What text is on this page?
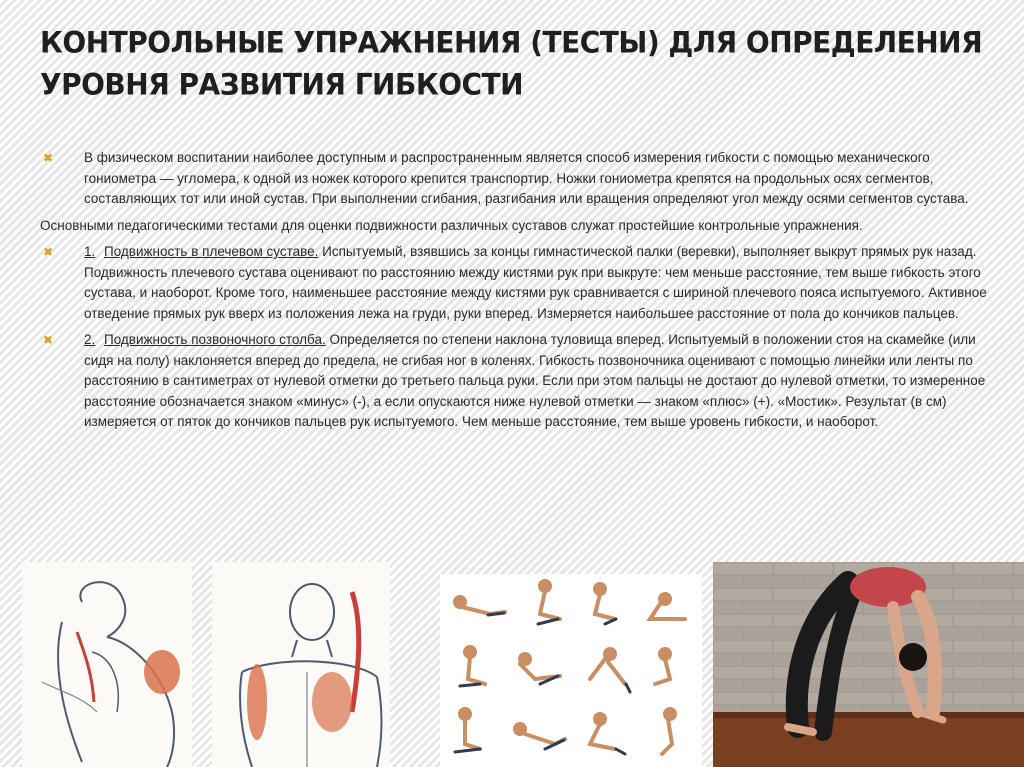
КОНТРОЛЬНЫЕ УПРАЖНЕНИЯ (ТЕСТЫ) ДЛЯ ОПРЕДЕЛЕНИЯ УРОВНЯ РАЗВИТИЯ ГИБКОСТИ
✖ В физическом воспитании наиболее доступным и распространенным является способ измерения гибкости с помощью механического гониометра — угломера, к одной из ножек которого крепится транспортир. Ножки гониометра крепятся на продольных осях сегментов, составляющих тот или иной сустав. При выполнении сгибания, разгибания или вращения определяют угол между осями сегментов сустава.
Основными педагогическими тестами для оценки подвижности различных суставов служат простейшие контрольные упражнения.
✖ 1. Подвижность в плечевом суставе. Испытуемый, взявшись за концы гимнастической палки (веревки), выполняет выкрут прямых рук назад. Подвижность плечевого сустава оценивают по расстоянию между кистями рук при выкруте: чем меньше расстояние, тем выше гибкость этого сустава, и наоборот. Кроме того, наименьшее расстояние между кистями рук сравнивается с шириной плечевого пояса испытуемого. Активное отведение прямых рук вверх из положения лежа на груди, руки вперед. Измеряется наибольшее расстояние от пола до кончиков пальцев.
✖ 2. Подвижность позвоночного столба. Определяется по степени наклона туловища вперед. Испытуемый в положении стоя на скамейке (или сидя на полу) наклоняется вперед до предела, не сгибая ног в коленях. Гибкость позвоночника оценивают с помощью линейки или ленты по расстоянию в сантиметрах от нулевой отметки до третьего пальца руки. Если при этом пальцы не достают до нулевой отметки, то измеренное расстояние обозначается знаком «минус» (-), а если опускаются ниже нулевой отметки — знаком «плюс» (+). «Мостик». Результат (в см) измеряется от пяток до кончиков пальцев рук испытуемого. Чем меньше расстояние, тем выше уровень гибкости, и наоборот.
